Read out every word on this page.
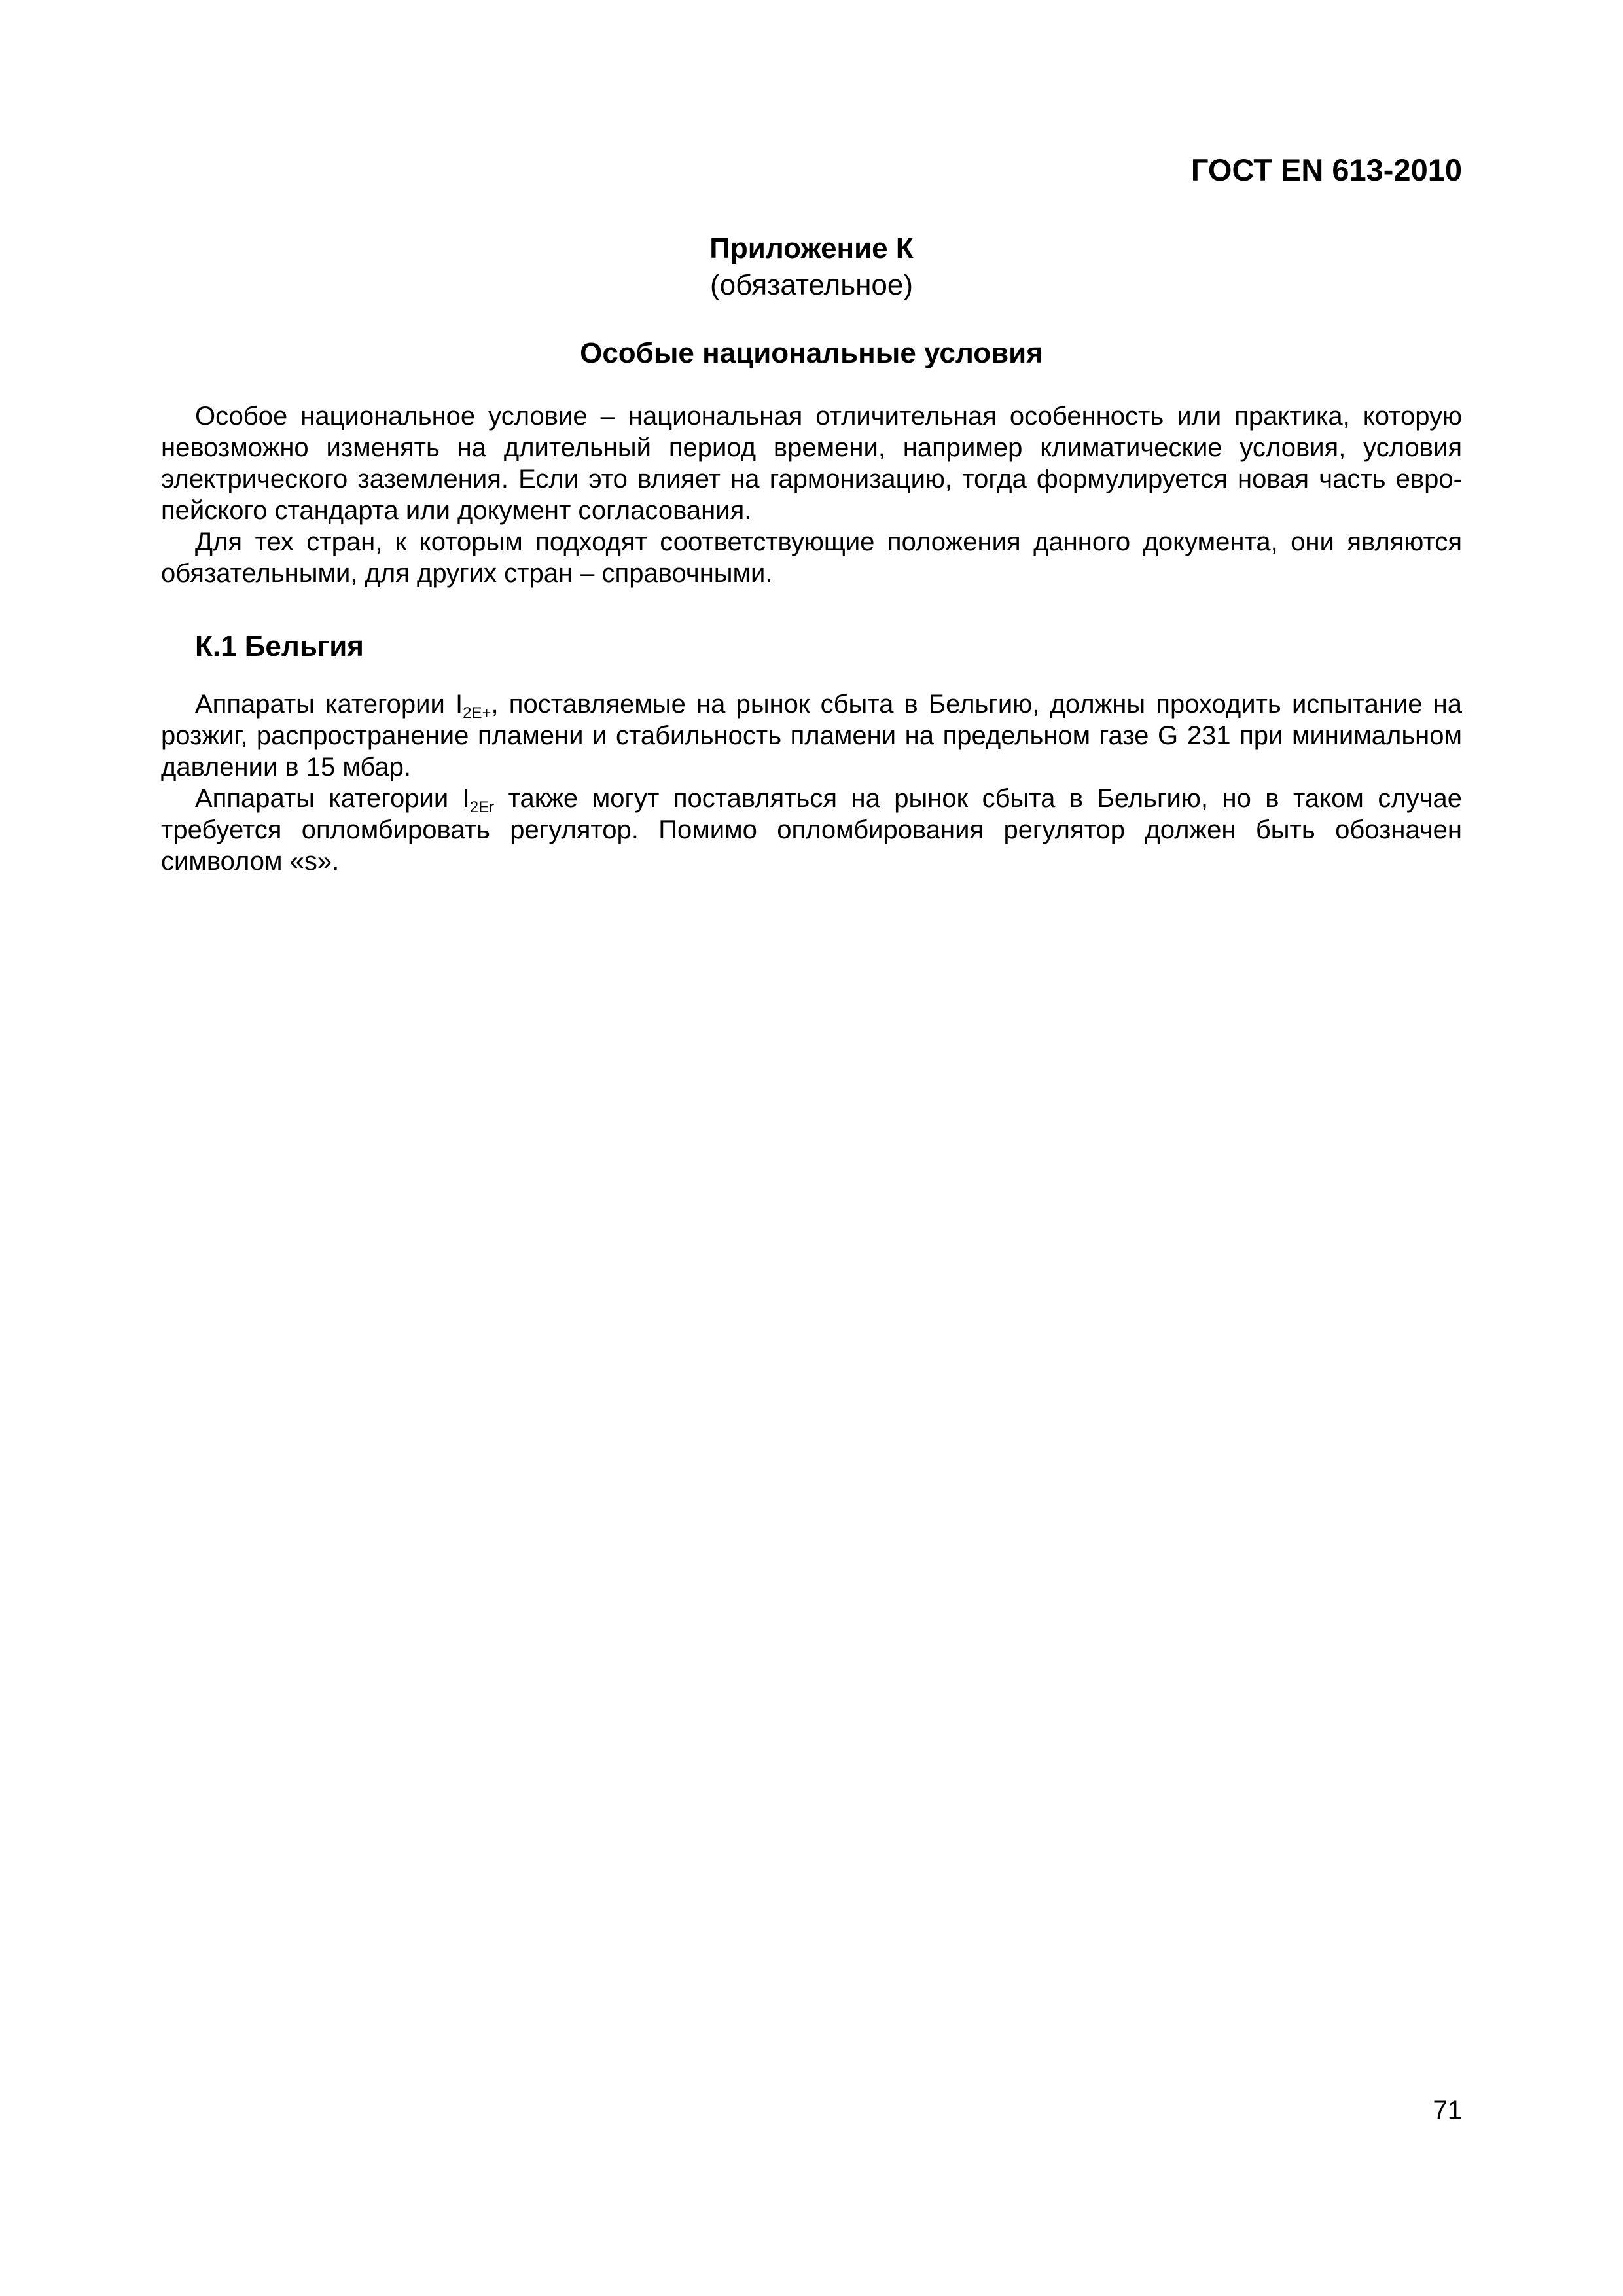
ГОСТ EN 613-2010
Приложение К
(обязательное)
Особые национальные условия

Особое национальное условие – национальная отличительная особенность или практика, которую невозможно изменять на длительный период времени, например климатические условия, условия электрического заземления. Если это влияет на гармонизацию, тогда формулируется новая часть европейского стандарта или документ согласования.

Для тех стран, к которым подходят соответствующие положения данного документа, они являются обязательными, для других стран – справочными.

К.1 Бельгия

Аппараты категории $I_{2E+}$, поставляемые на рынок сбыта в Бельгию, должны проходить испытание на розжиг, распространение пламени и стабильность пламени на предельном газе G 231 при минимальном давлении в 15 мбар.

Аппараты категории $I_{2Er}$ также могут поставляться на рынок сбыта в Бельгию, но в таком случае требуется опломбировать регулятор. Помимо опломбирования регулятор должен быть обозначен символом «s».

71
